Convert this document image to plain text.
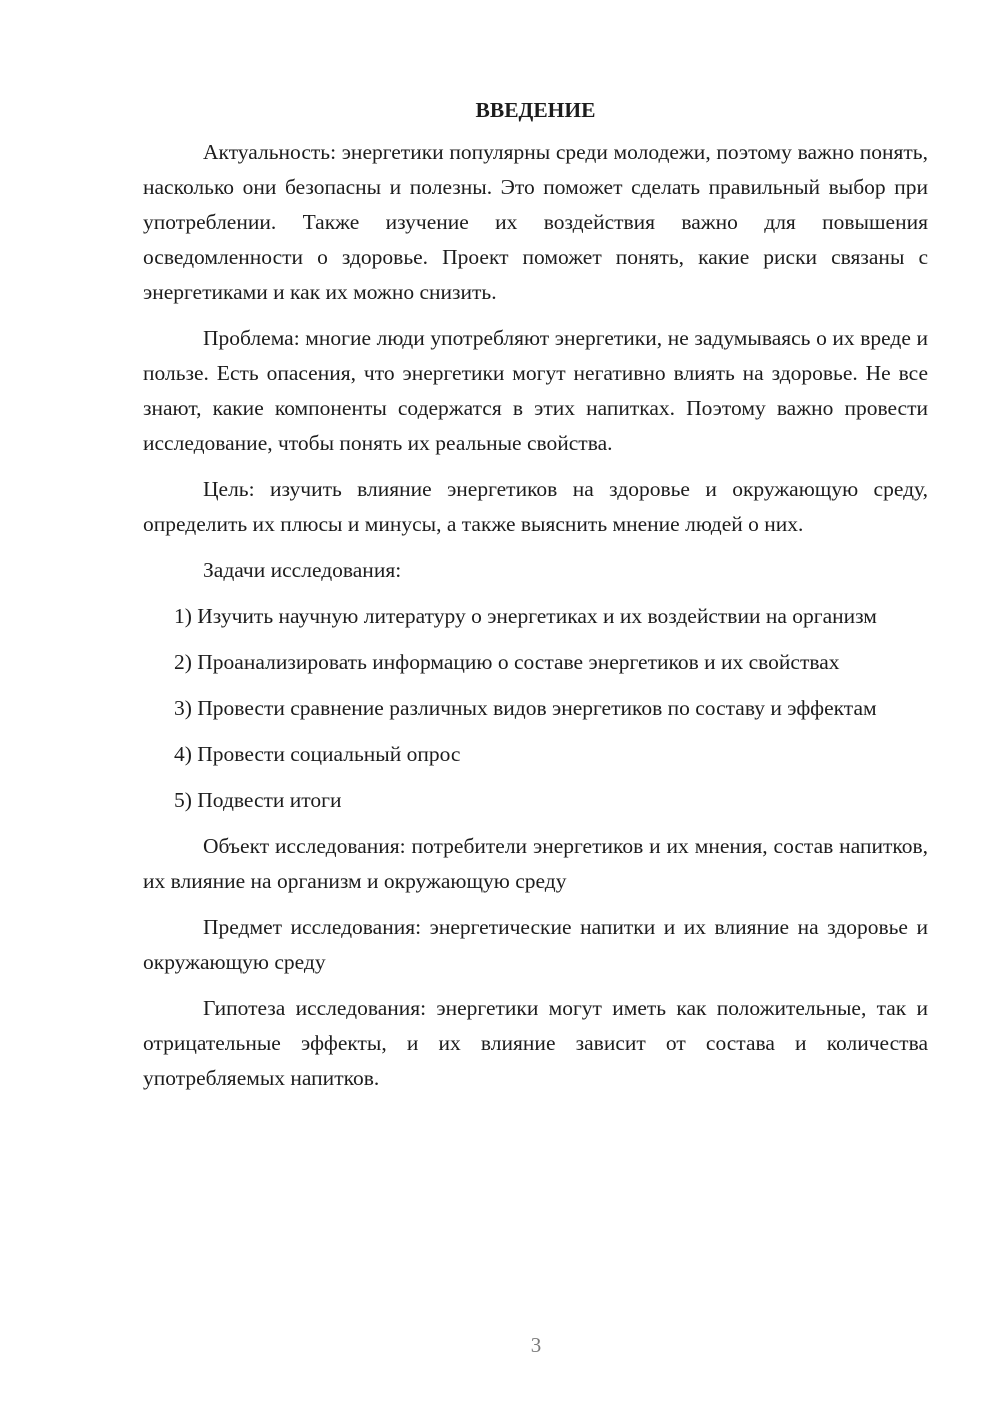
ВВЕДЕНИЕ

Актуальность: энергетики популярны среди молодежи, поэтому важно понять, насколько они безопасны и полезны. Это поможет сделать правильный выбор при употреблении. Также изучение их воздействия важно для повышения осведомленности о здоровье. Проект поможет понять, какие риски связаны с энергетиками и как их можно снизить.

Проблема: многие люди употребляют энергетики, не задумываясь о их вреде и пользе. Есть опасения, что энергетики могут негативно влиять на здоровье. Не все знают, какие компоненты содержатся в этих напитках. Поэтому важно провести исследование, чтобы понять их реальные свойства.

Цель: изучить влияние энергетиков на здоровье и окружающую среду, определить их плюсы и минусы, а также выяснить мнение людей о них.

Задачи исследования:

1) Изучить научную литературу о энергетиках и их воздействии на организм

2) Проанализировать информацию о составе энергетиков и их свойствах

3) Провести сравнение различных видов энергетиков по составу и эффектам

4) Провести социальный опрос

5) Подвести итоги

Объект исследования: потребители энергетиков и их мнения, состав напитков, их влияние на организм и окружающую среду

Предмет исследования: энергетические напитки и их влияние на здоровье и окружающую среду

Гипотеза исследования: энергетики могут иметь как положительные, так и отрицательные эффекты, и их влияние зависит от состава и количества употребляемых напитков.

3
